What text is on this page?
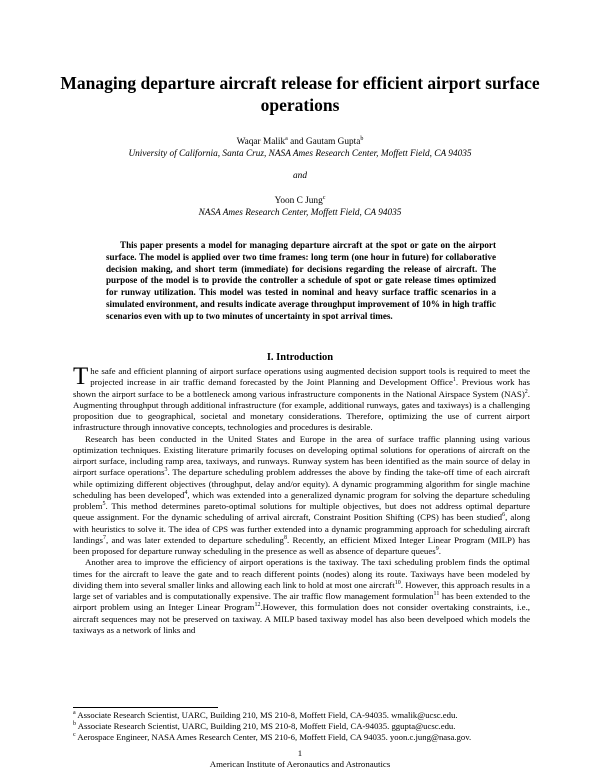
Managing departure aircraft release for efficient airport surface operations
Waqar Malik$^a$ and Gautam Gupta$^b$
University of California, Santa Cruz, NASA Ames Research Center, Moffett Field, CA 94035
and
Yoon C Jung$^c$
NASA Ames Research Center, Moffett Field, CA 94035

This paper presents a model for managing departure aircraft at the spot or gate on the airport surface. The model is applied over two time frames: long term (one hour in future) for collaborative decision making, and short term (immediate) for decisions regarding the release of aircraft. The purpose of the model is to provide the controller a schedule of spot or gate release times optimized for runway utilization. This model was tested in nominal and heavy surface traffic scenarios in a simulated environment, and results indicate average throughput improvement of 10% in high traffic scenarios even with up to two minutes of uncertainty in spot arrival times.

I. Introduction

The safe and efficient planning of airport surface operations using augmented decision support tools is required to meet the projected increase in air traffic demand forecasted by the Joint Planning and Development Office$^1$. Previous work has shown the airport surface to be a bottleneck among various infrastructure components in the National Airspace System (NAS)$^2$. Augmenting throughput through additional infrastructure (for example, additional runways, gates and taxiways) is a challenging proposition due to geographical, societal and monetary considerations. Therefore, optimizing the use of current airport infrastructure through innovative concepts, technologies and procedures is desirable.

Research has been conducted in the United States and Europe in the area of surface traffic planning using various optimization techniques. Existing literature primarily focuses on developing optimal solutions for operations of aircraft on the airport surface, including ramp area, taxiways, and runways. Runway system has been identified as the main source of delay in airport surface operations$^3$. The departure scheduling problem addresses the above by finding the take-off time of each aircraft while optimizing different objectives (throughput, delay and/or equity). A dynamic programming algorithm for single machine scheduling has been developed$^4$, which was extended into a generalized dynamic program for solving the departure scheduling problem$^5$. This method determines pareto-optimal solutions for multiple objectives, but does not address optimal departure queue assignment. For the dynamic scheduling of arrival aircraft, Constraint Position Shifting (CPS) has been studied$^6$, along with heuristics to solve it. The idea of CPS was further extended into a dynamic programming approach for scheduling aircraft landings$^7$, and was later extended to departure scheduling$^8$. Recently, an efficient Mixed Integer Linear Program (MILP) has been proposed for departure runway scheduling in the presence as well as absence of departure queues$^9$.

Another area to improve the efficiency of airport operations is the taxiway. The taxi scheduling problem finds the optimal times for the aircraft to leave the gate and to reach different points (nodes) along its route. Taxiways have been modeled by dividing them into several smaller links and allowing each link to hold at most one aircraft$^{10}$. However, this approach results in a large set of variables and is computationally expensive. The air traffic flow management formulation$^{11}$ has been extended to the airport problem using an Integer Linear Program$^{12}$.However, this formulation does not consider overtaking constraints, i.e., aircraft sequences may not be preserved on taxiway. A MILP based taxiway model has also been develpoed which models the taxiways as a network of links and

$^a$ Associate Research Scientist, UARC, Building 210, MS 210-8, Moffett Field, CA-94035. wmalik@ucsc.edu.
$^b$ Associate Research Scientist, UARC, Building 210, MS 210-8, Moffett Field, CA-94035. ggupta@ucsc.edu.
$^c$ Aerospace Engineer, NASA Ames Research Center, MS 210-6, Moffett Field, CA 94035. yoon.c.jung@nasa.gov.
1
American Institute of Aeronautics and Astronautics
